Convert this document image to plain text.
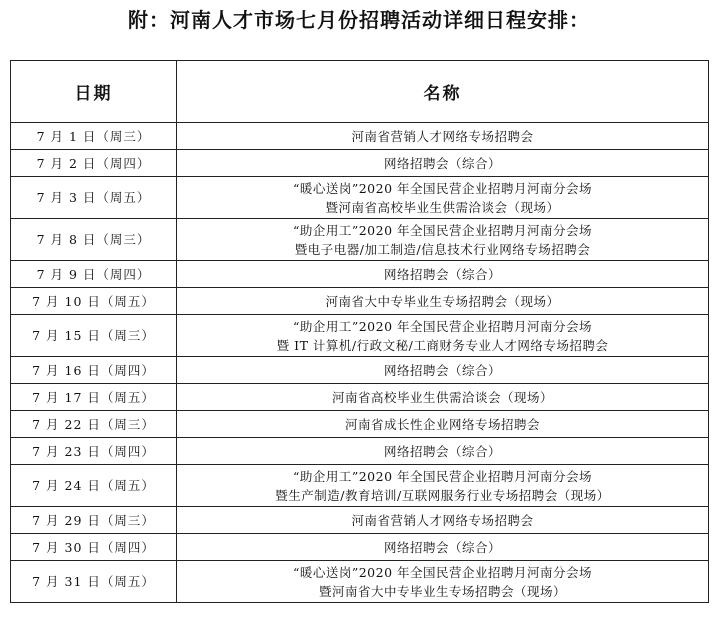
附：河南人才市场七月份招聘活动详细日程安排：
日期	名称
7 月 1 日（周三）	河南省营销人才网络专场招聘会

7 月 2 日（周四）	网络招聘会（综合）

7 月 3 日（周五）	“暖心送岗”2020 年全国民营企业招聘月河南分会场
暨河南省高校毕业生供需洽谈会（现场）

7 月 8 日（周三）	“助企用工”2020 年全国民营企业招聘月河南分会场
暨电子电器/加工制造/信息技术行业网络专场招聘会

7 月 9 日（周四）	网络招聘会（综合）

7 月 10 日（周五）	河南省大中专毕业生专场招聘会（现场）

7 月 15 日（周三）	“助企用工”2020 年全国民营企业招聘月河南分会场
暨 IT 计算机/行政文秘/工商财务专业人才网络专场招聘会

7 月 16 日（周四）	网络招聘会（综合）

7 月 17 日（周五）	河南省高校毕业生供需洽谈会（现场）

7 月 22 日（周三）	河南省成长性企业网络专场招聘会

7 月 23 日（周四）	网络招聘会（综合）

7 月 24 日（周五）	“助企用工”2020 年全国民营企业招聘月河南分会场
暨生产制造/教育培训/互联网服务行业专场招聘会（现场）

7 月 29 日（周三）	河南省营销人才网络专场招聘会

7 月 30 日（周四）	网络招聘会（综合）

7 月 31 日（周五）	“暖心送岗”2020 年全国民营企业招聘月河南分会场
暨河南省大中专毕业生专场招聘会（现场）
